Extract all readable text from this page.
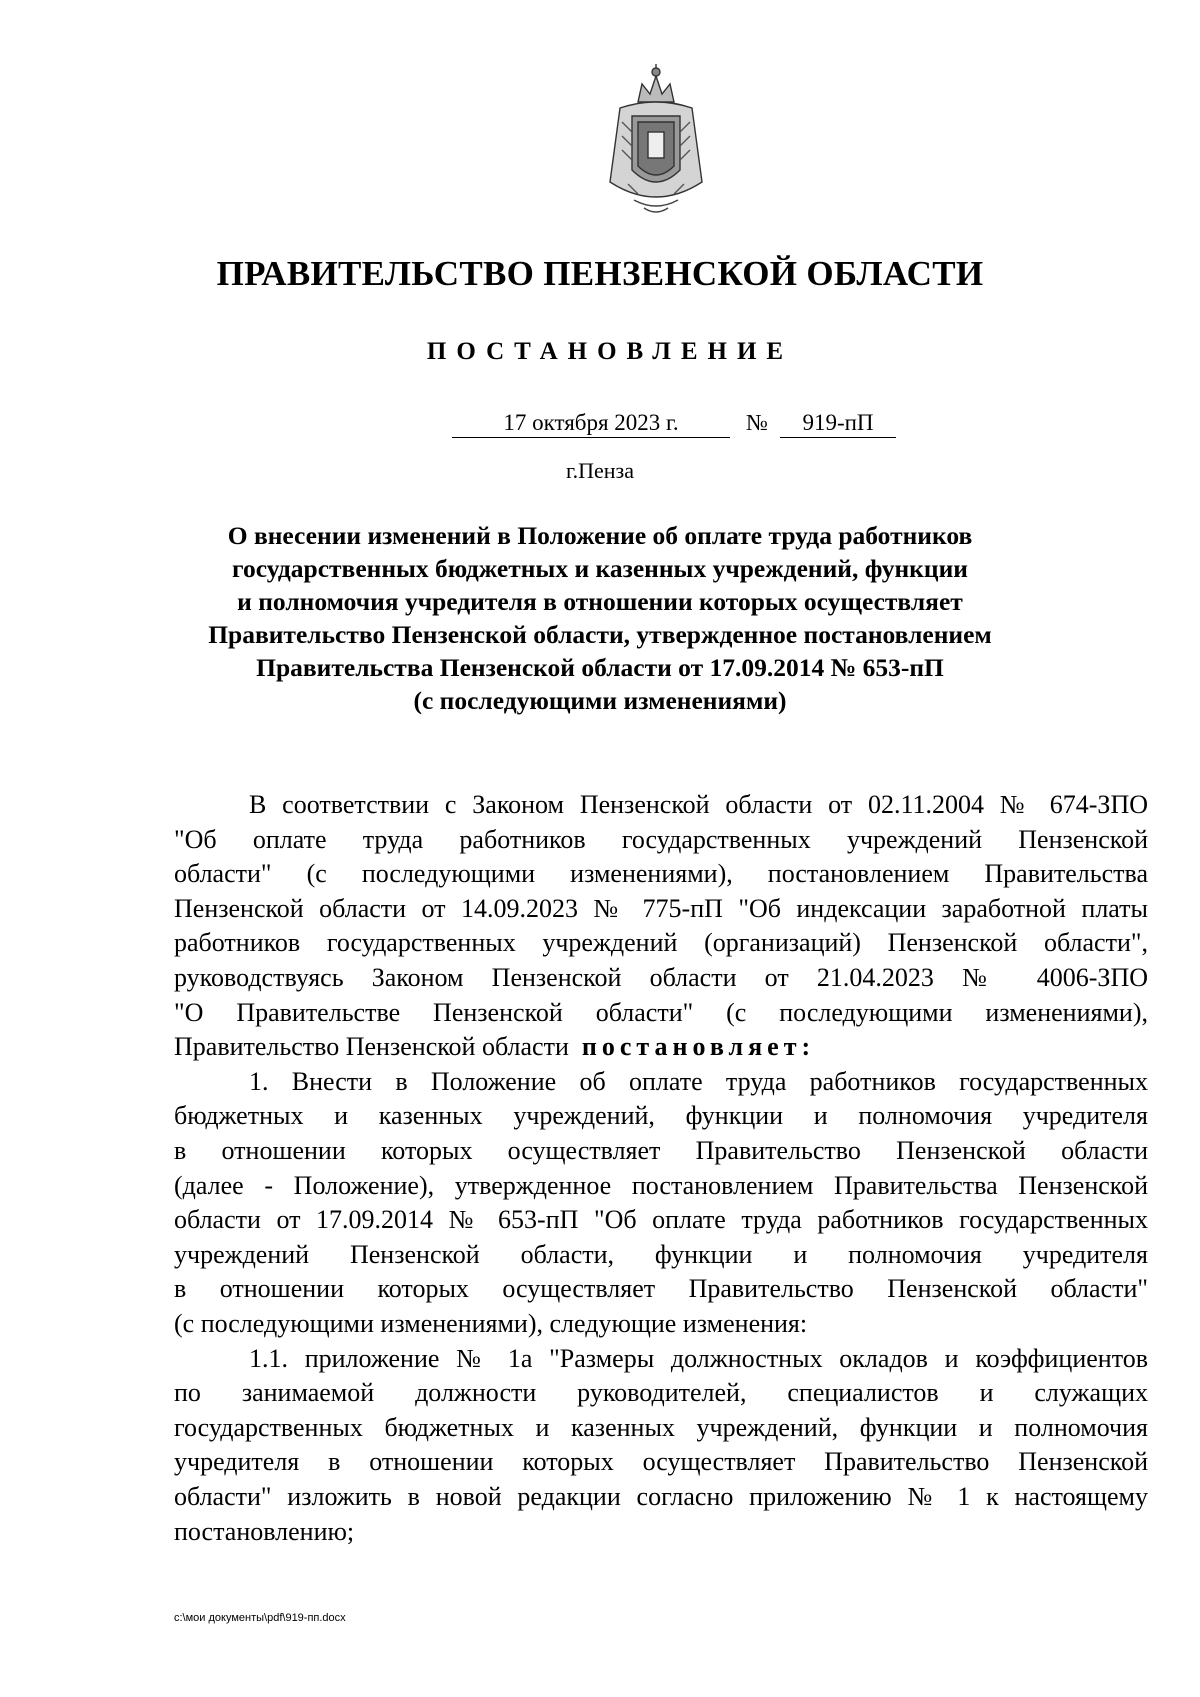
ПРАВИТЕЛЬСТВО ПЕНЗЕНСКОЙ ОБЛАСТИ
ПОСТАНОВЛЕНИЕ
17 октября 2023 г.	№	919-пП
г.Пенза
О внесении изменений в Положение об оплате труда работников
государственных бюджетных и казенных учреждений, функции
и полномочия учредителя в отношении которых осуществляет
Правительство Пензенской области, утвержденное постановлением
Правительства Пензенской области от 17.09.2014 № 653-пП
(с последующими изменениями)
В соответствии с Законом Пензенской области от 02.11.2004 № 674-ЗПО
"Об оплате труда работников государственных учреждений Пензенской
области" (с последующими изменениями), постановлением Правительства
Пензенской области от 14.09.2023 № 775-пП "Об индексации заработной платы
работников государственных учреждений (организаций) Пензенской области",
руководствуясь Законом Пензенской области от 21.04.2023 № 4006-ЗПО
"О Правительстве Пензенской области" (с последующими изменениями),
Правительство Пензенской области постановляет:
1. Внести в Положение об оплате труда работников государственных
бюджетных и казенных учреждений, функции и полномочия учредителя
в отношении которых осуществляет Правительство Пензенской области
(далее - Положение), утвержденное постановлением Правительства Пензенской
области от 17.09.2014 № 653-пП "Об оплате труда работников государственных
учреждений Пензенской области, функции и полномочия учредителя
в отношении которых осуществляет Правительство Пензенской области"
(с последующими изменениями), следующие изменения:
1.1. приложение № 1а "Размеры должностных окладов и коэффициентов
по занимаемой должности руководителей, специалистов и служащих
государственных бюджетных и казенных учреждений, функции и полномочия
учредителя в отношении которых осуществляет Правительство Пензенской
области" изложить в новой редакции согласно приложению № 1 к настоящему
постановлению;
c:\мои документы\pdf\919-пп.docx
